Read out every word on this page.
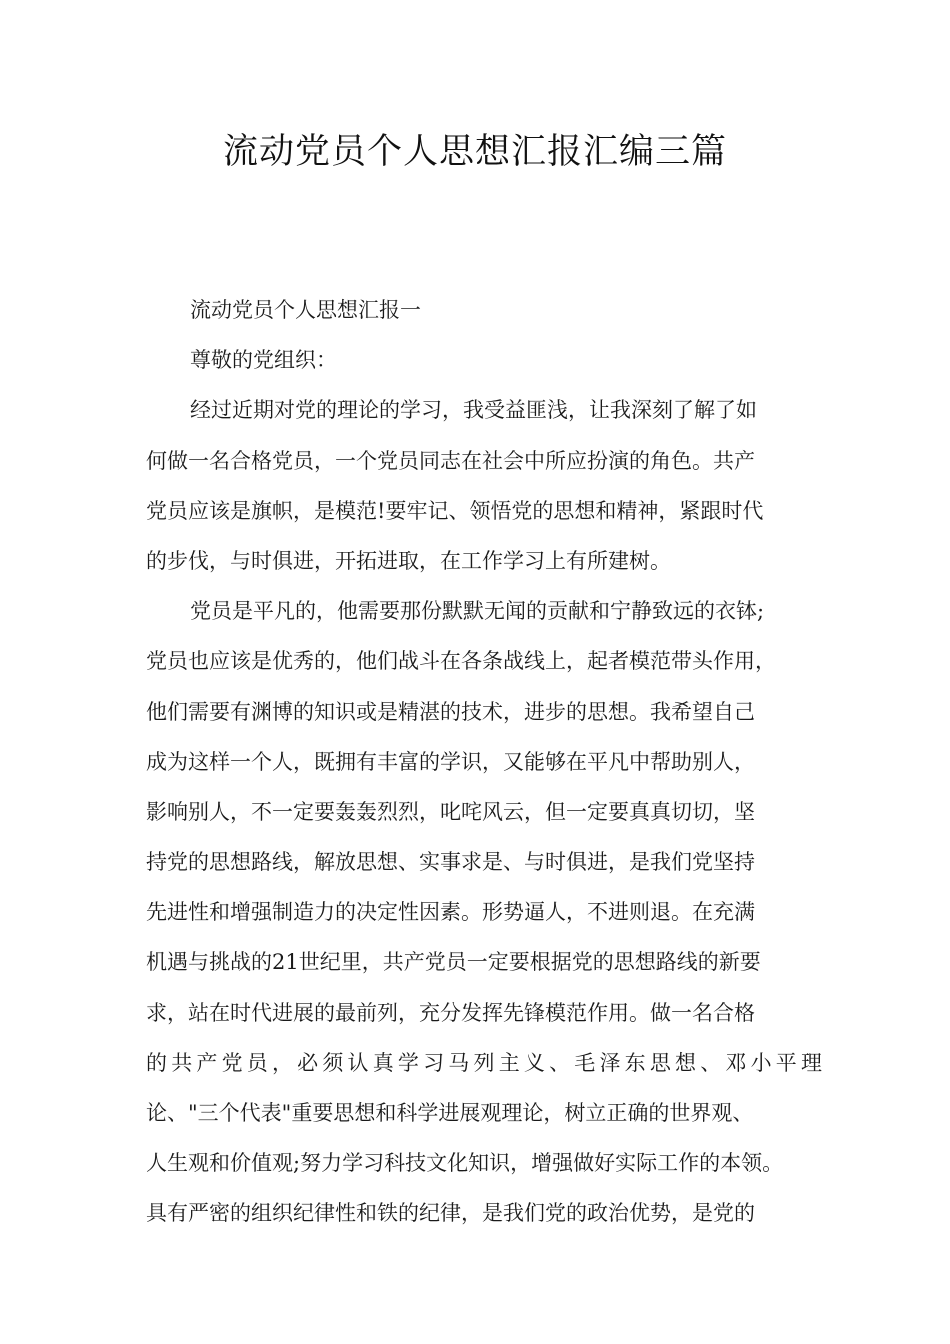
流动党员个人思想汇报汇编三篇
流动党员个人思想汇报一
尊敬的党组织：
经过近期对党的理论的学习，我受益匪浅，让我深刻了解了如
何做一名合格党员，一个党员同志在社会中所应扮演的角色。共产
党员应该是旗帜，是模范!要牢记、领悟党的思想和精神，紧跟时代
的步伐，与时俱进，开拓进取，在工作学习上有所建树。
党员是平凡的，他需要那份默默无闻的贡献和宁静致远的衣钵;
党员也应该是优秀的，他们战斗在各条战线上，起者模范带头作用，
他们需要有渊博的知识或是精湛的技术，进步的思想。我希望自己
成为这样一个人，既拥有丰富的学识，又能够在平凡中帮助别人，
影响别人，不一定要轰轰烈烈，叱咤风云，但一定要真真切切，坚
持党的思想路线，解放思想、实事求是、与时俱进，是我们党坚持
先进性和增强制造力的决定性因素。形势逼人，不进则退。在充满
机遇与挑战的21世纪里，共产党员一定要根据党的思想路线的新要
求，站在时代进展的最前列，充分发挥先锋模范作用。做一名合格
的共产党员，必须认真学习马列主义、毛泽东思想、邓小平理
论、"三个代表"重要思想和科学进展观理论，树立正确的世界观、
人生观和价值观;努力学习科技文化知识，增强做好实际工作的本领。
具有严密的组织纪律性和铁的纪律，是我们党的政治优势，是党的
